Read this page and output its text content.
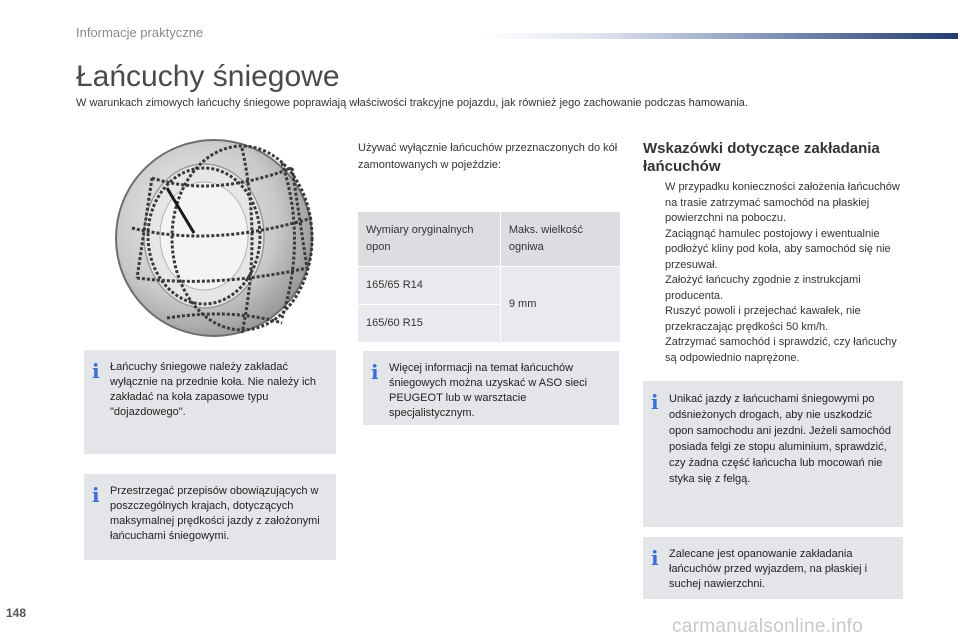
Informacje praktyczne
Łańcuchy śniegowe
W warunkach zimowych łańcuchy śniegowe poprawiają właściwości trakcyjne pojazdu, jak również jego zachowanie podczas hamowania.
i Łańcuchy śniegowe należy zakładać wyłącznie na przednie koła. Nie należy ich zakładać na koła zapasowe typu "dojazdowego".
i Przestrzegać przepisów obowiązujących w poszczególnych krajach, dotyczących maksymalnej prędkości jazdy z założonymi łańcuchami śniegowymi.
Używać wyłącznie łańcuchów przeznaczonych do kół zamontowanych w pojeździe:
Wymiary oryginalnych opon	Maks. wielkość ogniwa
165/65 R14	9 mm
165/60 R15	
i Więcej informacji na temat łańcuchów śniegowych można uzyskać w ASO sieci PEUGEOT lub w warsztacie specjalistycznym.
Wskazówki dotyczące zakładania łańcuchów
W przypadku konieczności założenia łańcuchów na trasie zatrzymać samochód na płaskiej powierzchni na poboczu.
Zaciągnąć hamulec postojowy i ewentualnie podłożyć kliny pod koła, aby samochód się nie przesuwał.
Założyć łańcuchy zgodnie z instrukcjami producenta.
Ruszyć powoli i przejechać kawałek, nie przekraczając prędkości 50 km/h.
Zatrzymać samochód i sprawdzić, czy łańcuchy są odpowiednio naprężone.
i Unikać jazdy z łańcuchami śniegowymi po odśnieżonych drogach, aby nie uszkodzić opon samochodu ani jezdni. Jeżeli samochód posiada felgi ze stopu aluminium, sprawdzić, czy żadna część łańcucha lub mocowań nie styka się z felgą.
i Zalecane jest opanowanie zakładania łańcuchów przed wyjazdem, na płaskiej i suchej nawierzchni.
148
carmanualsonline.info
